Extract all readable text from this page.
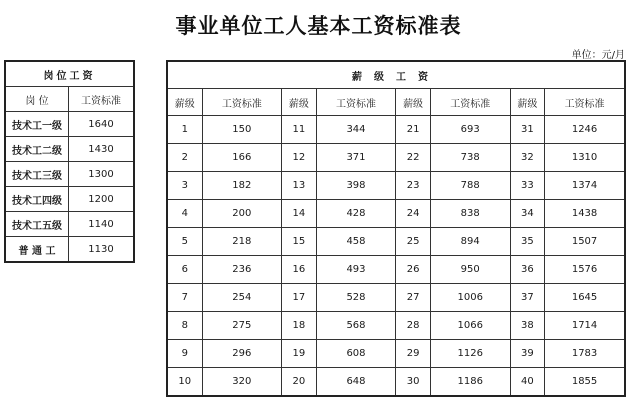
事业单位工人基本工资标准表
单位：元/月
岗位工资	
岗 位	工资标准
技术工一级	1640
技术工二级	1430
技术工三级	1300
技术工四级	1200
技术工五级	1140
普 通 工	1130
薪级工资							
薪级	工资标准	薪级	工资标准	薪级	工资标准	薪级	工资标准
1	150	11	344	21	693	31	1246
2	166	12	371	22	738	32	1310
3	182	13	398	23	788	33	1374
4	200	14	428	24	838	34	1438
5	218	15	458	25	894	35	1507
6	236	16	493	26	950	36	1576
7	254	17	528	27	1006	37	1645
8	275	18	568	28	1066	38	1714
9	296	19	608	29	1126	39	1783
10	320	20	648	30	1186	40	1855
